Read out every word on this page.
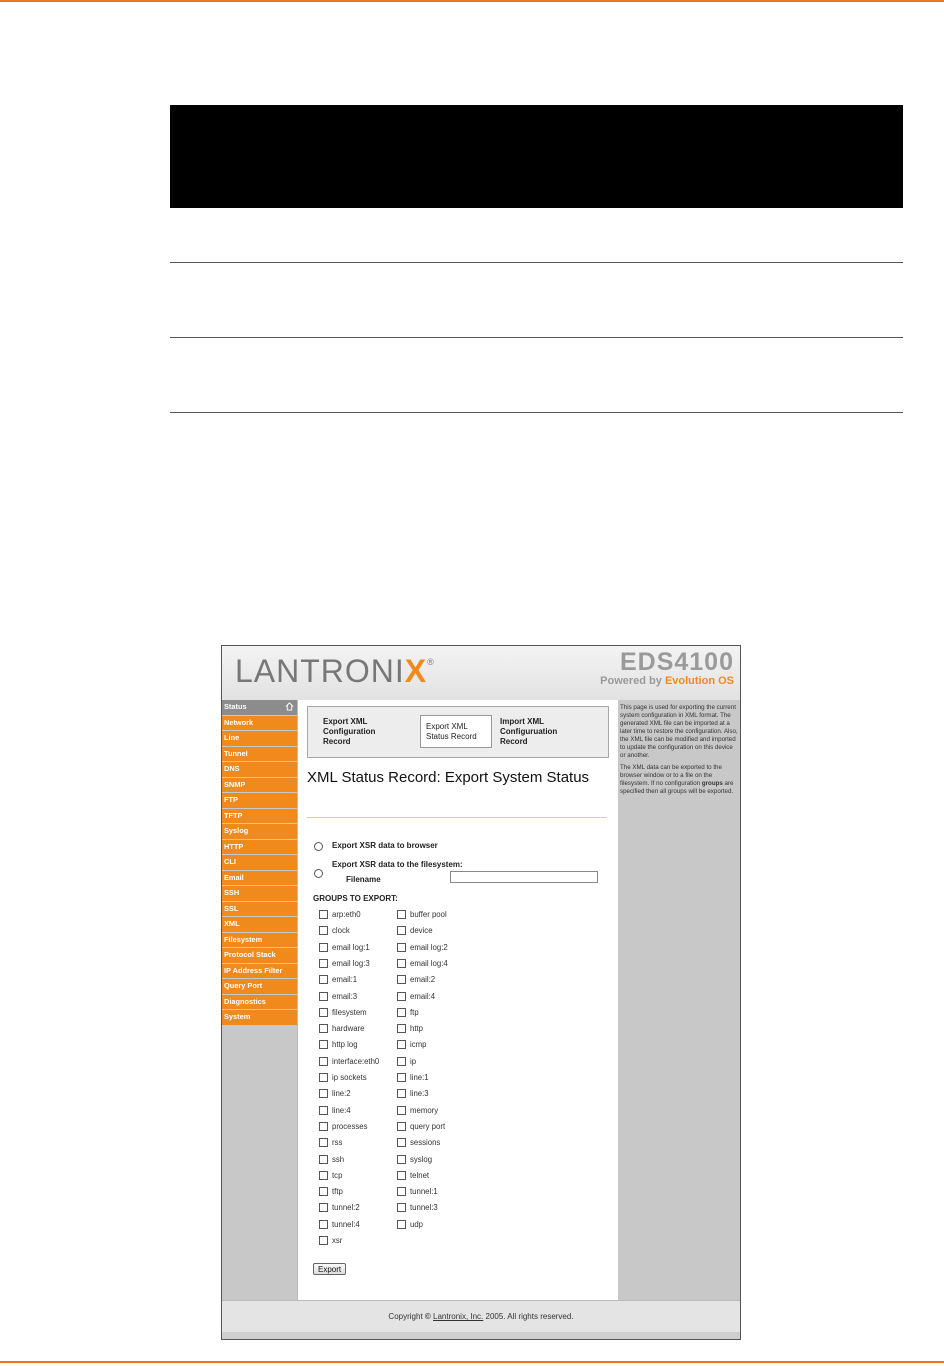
LANTRONIX®	EDS4100
Powered by Evolution OS
Status
Network
Line
Tunnel
DNS
SNMP
FTP
TFTP
Syslog
HTTP
CLI
Email
SSH
SSL
XML
Filesystem
Protocol Stack
IP Address Filter
Query Port
Diagnostics
System
Export XML Configuration Record
Export XML Status Record
Import XML Configuruation Record
XML Status Record: Export System Status
Export XSR data to browser
Export XSR data to the filesystem:
Filename
GROUPS TO EXPORT:
arp:eth0
clock
email log:1
email log:3
email:1
email:3
filesystem
hardware
http log
interface:eth0
ip sockets
line:2
line:4
processes
rss
ssh
tcp
tftp
tunnel:2
tunnel:4
xsr
buffer pool
device
email log:2
email log:4
email:2
email:4
ftp
http
icmp
ip
line:1
line:3
memory
query port
sessions
syslog
telnet
tunnel:1
tunnel:3
udp
Export

This page is used for exporting the current system configuration in XML format. The generated XML file can be imported at a later time to restore the configuration. Also, the XML file can be modified and imported to update the configuration on this device or another.

The XML data can be exported to the browser window or to a file on the filesystem. If no configuration groups are specified then all groups will be exported.

Copyright © Lantronix, Inc. 2005. All rights reserved.
